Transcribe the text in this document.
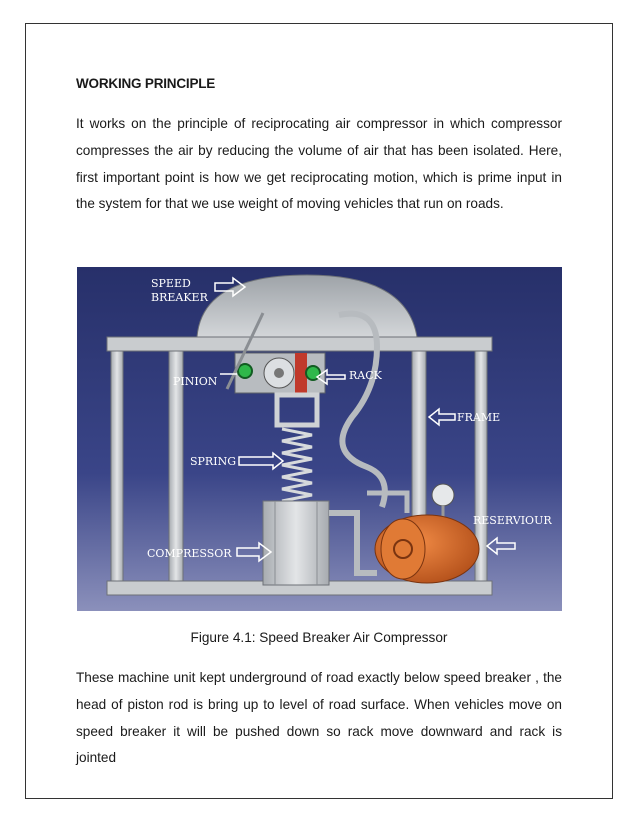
WORKING PRINCIPLE
It works on the principle of reciprocating air compressor in which compressor compresses the air by reducing the volume of air that has been isolated. Here, first important point is how we get reciprocating motion, which is prime input in the system for that we use weight of moving vehicles that run on roads.
SPEED
BREAKER
PINION	RACK
FRAME
SPRING
RESERVIOUR
COMPRESSOR
Figure 4.1: Speed Breaker Air Compressor
These machine unit kept underground of road exactly below speed breaker , the head of piston rod is bring up to level of road surface. When vehicles move on speed breaker it will be pushed down so rack move downward and rack is jointed
